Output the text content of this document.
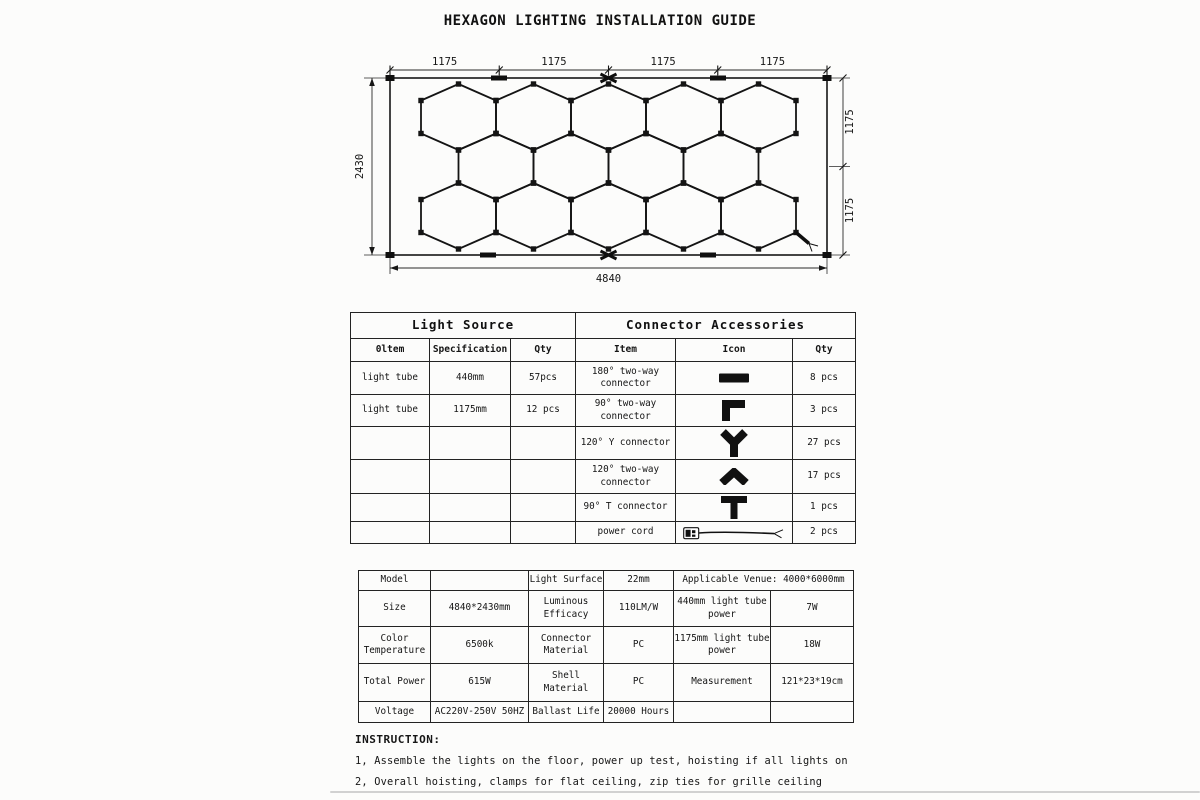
HEXAGON LIGHTING INSTALLATION GUIDE
1175	1175	1175	1175
2430
4840
1175
1175
Light Source			Connector Accessories		
0ltem	Specification	Qty	Item	Icon	Qty
light tube	440mm	57pcs	180° two-way connector		8 pcs
light tube	1175mm	12 pcs	90° two-way connector		3 pcs
			120° Y connector		27 pcs
			120° two-way connector		17 pcs
			90° T connector		1 pcs
			power cord		2 pcs
Model		Light Surface	22mm	Applicable Venue: 4000*6000mm	
Size	4840*2430mm	Luminous Efficacy	110LM/W	440mm light tube power	7W
Color Temperature	6500k	Connector Material	PC	1175mm light tube power	18W
Total Power	615W	Shell Material	PC	Measurement	121*23*19cm
Voltage	AC220V-250V 50HZ	Ballast Life	20000 Hours		
INSTRUCTION:
1, Assemble the lights on the floor, power up test, hoisting if all lights on
2, Overall hoisting, clamps for flat ceiling, zip ties for grille ceiling
